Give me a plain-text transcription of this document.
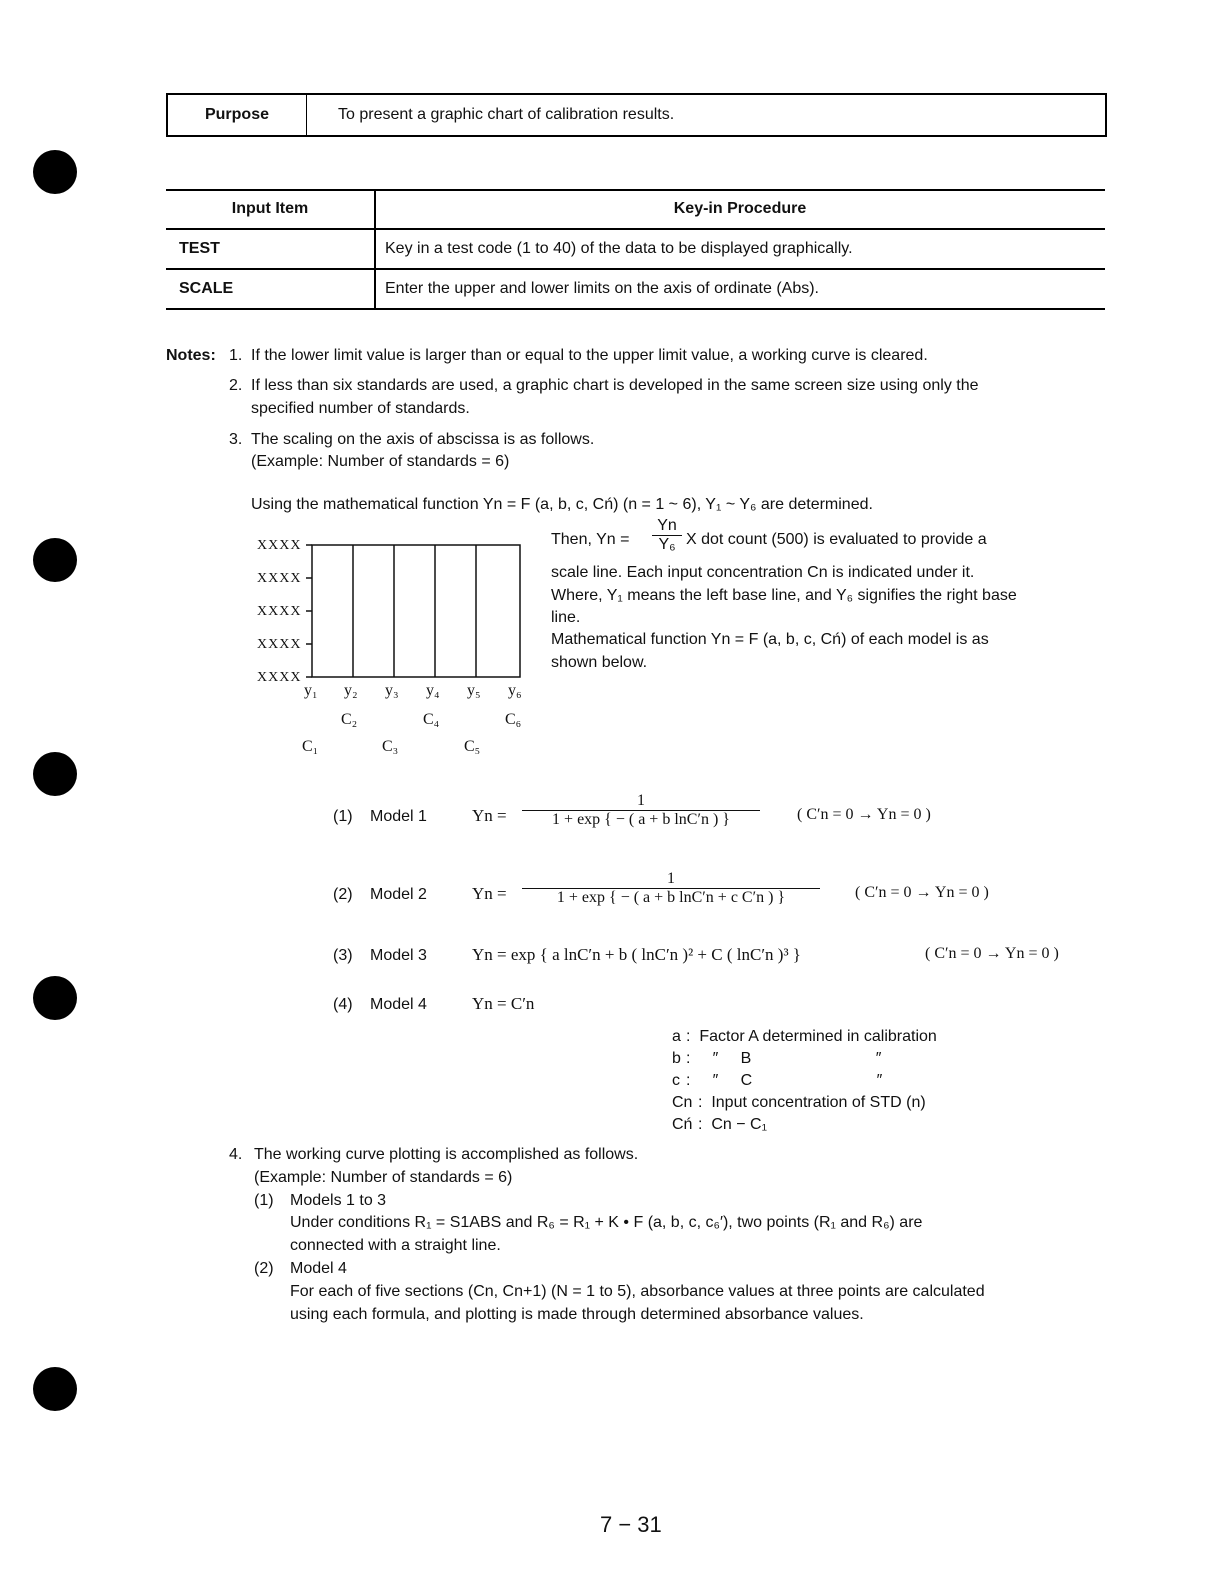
Purpose	To present a graphic chart of calibration results.
Input Item	Key-in Procedure
TEST	Key in a test code (1 to 40) of the data to be displayed graphically.
SCALE	Enter the upper and lower limits on the axis of ordinate (Abs).
Notes: 1. If the lower limit value is larger than or equal to the upper limit value, a working curve is cleared.
2. If less than six standards are used, a graphic chart is developed in the same screen size using only the
specified number of standards.
3. The scaling on the axis of abscissa is as follows.
(Example: Number of standards = 6)
Using the mathematical function Yn = F (a, b, c, Cń) (n = 1 ~ 6), Y₁ ~ Y₆ are determined.
Then, $Yn = \frac{Yn}{\text{Y₆}}$ X dot count (500) is evaluated to provide a
scale line. Each input concentration Cn is indicated under it.
Where, Y₁ means the left base line, and Y₆ signifies the right base
line.
Mathematical function Yn = F (a, b, c, Cń) of each model is as
shown below.
XXXX
XXXX
XXXX
XXXX
XXXX
y₁ y₂ y₃ y₄ y₅ y₆
C₂	C₄	C₆
C₁	C₃	C₅
(1) Model 1	$Yn = \frac{1}{\text{1 + exp \{ − ( a + b lnC′n ) \}}}$ ( C′n = 0 → Yn = 0 )
(2) Model 2	$Yn = \frac{1}{\text{1 + exp \{ − ( a + b lnC′n + c C′n ) \}}}$ ( C′n = 0 → Yn = 0 )
(3) Model 3	Yn = exp { a lnC′n + b ( lnC′n )² + C ( lnC′n )³ }	( C′n = 0 → Yn = 0 )
(4) Model 4	Yn = C′n
a :  Factor A determined in calibration
b :     ″     B                            ″
c :     ″     C                            ″
Cn :  Input concentration of STD (n)
Cń :  Cn − C₁
4. The working curve plotting is accomplished as follows.
(Example: Number of standards = 6)
(1) Models 1 to 3
Under conditions R₁ = S1ABS and R₆ = R₁ + K • F (a, b, c, c₆′), two points (R₁ and R₆) are
connected with a straight line.
(2) Model 4
For each of five sections (Cn, Cn+1) (N = 1 to 5), absorbance values at three points are calculated
using each formula, and plotting is made through determined absorbance values.
7 − 31
